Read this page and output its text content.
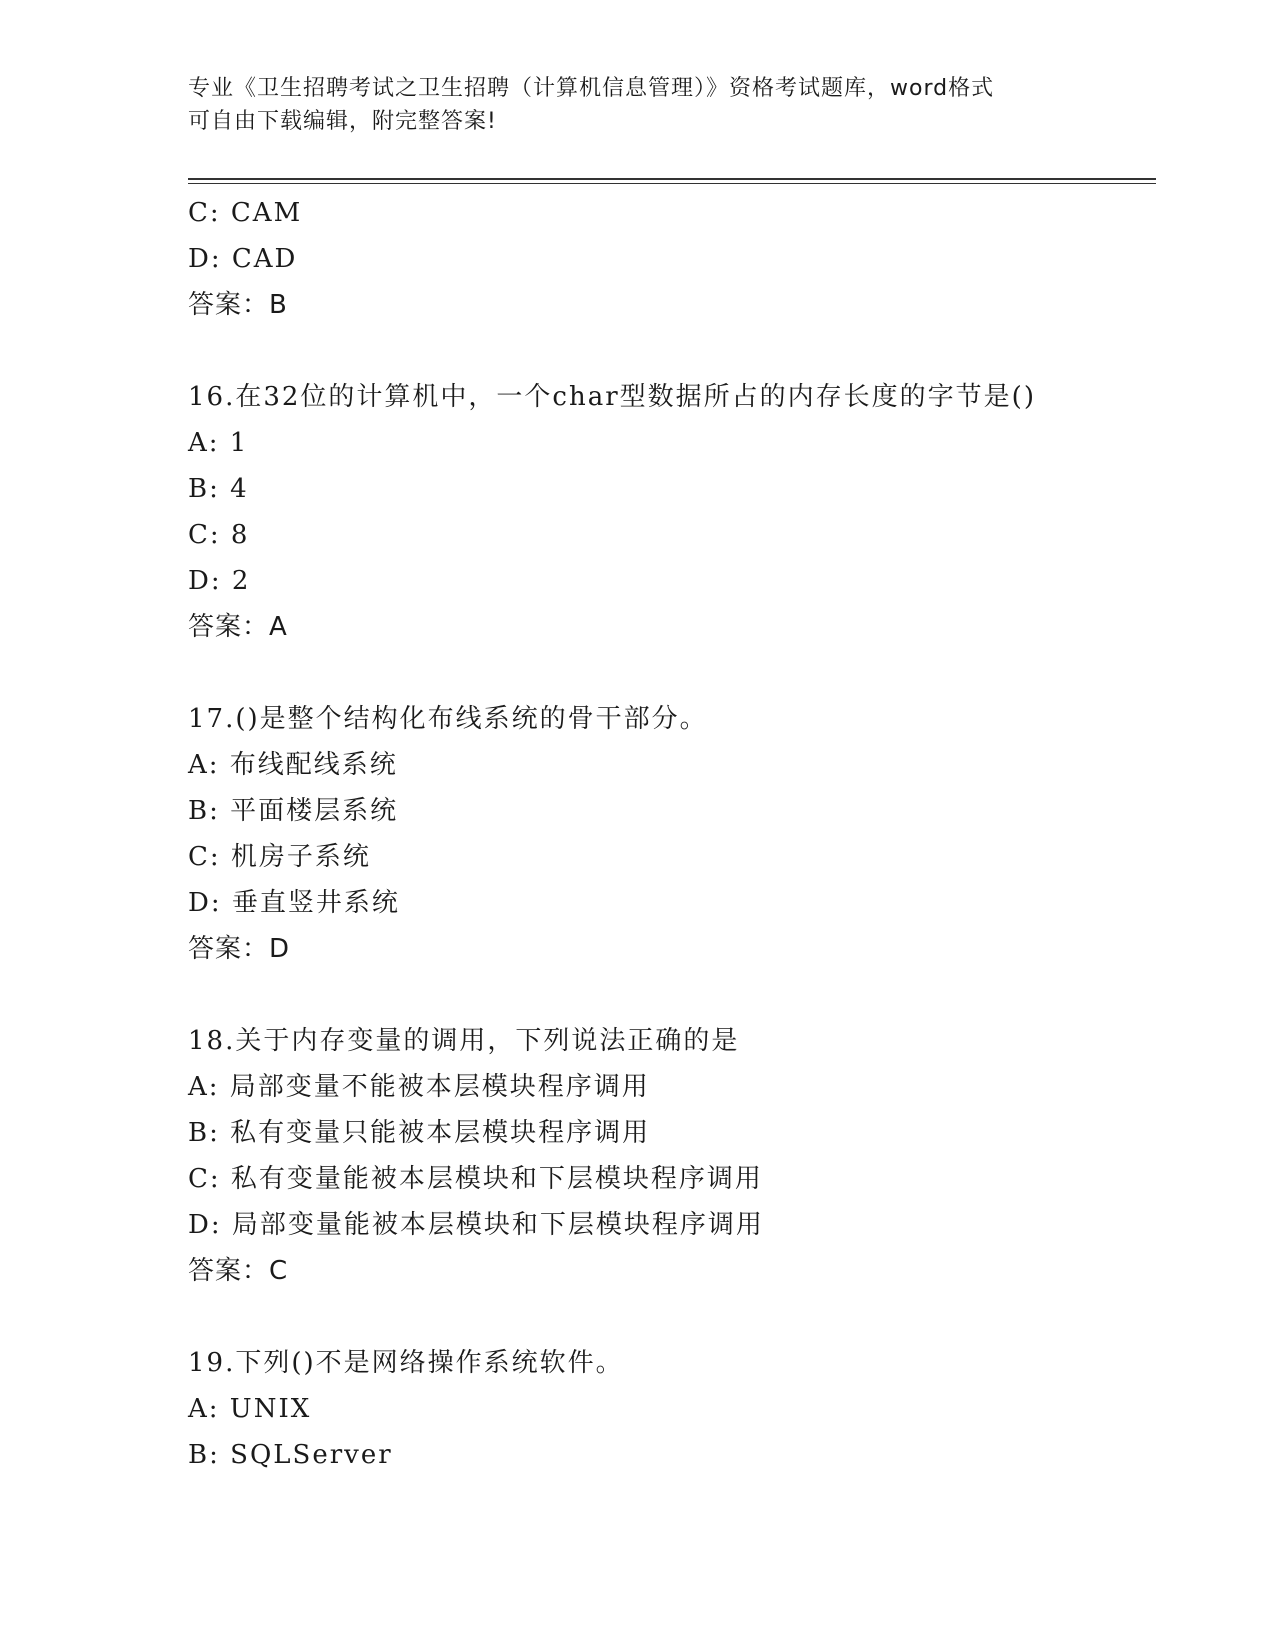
专业《卫生招聘考试之卫生招聘（计算机信息管理）》资格考试题库，word格式
可自由下载编辑，附完整答案!
C: CAM
D: CAD
答案：B
16.在32位的计算机中，一个char型数据所占的内存长度的字节是()
A: 1
B: 4
C: 8
D: 2
答案：A
17.()是整个结构化布线系统的骨干部分。
A: 布线配线系统
B: 平面楼层系统
C: 机房子系统
D: 垂直竖井系统
答案：D
18.关于内存变量的调用，下列说法正确的是
A: 局部变量不能被本层模块程序调用
B: 私有变量只能被本层模块程序调用
C: 私有变量能被本层模块和下层模块程序调用
D: 局部变量能被本层模块和下层模块程序调用
答案：C
19.下列()不是网络操作系统软件。
A: UNIX
B: SQLServer
